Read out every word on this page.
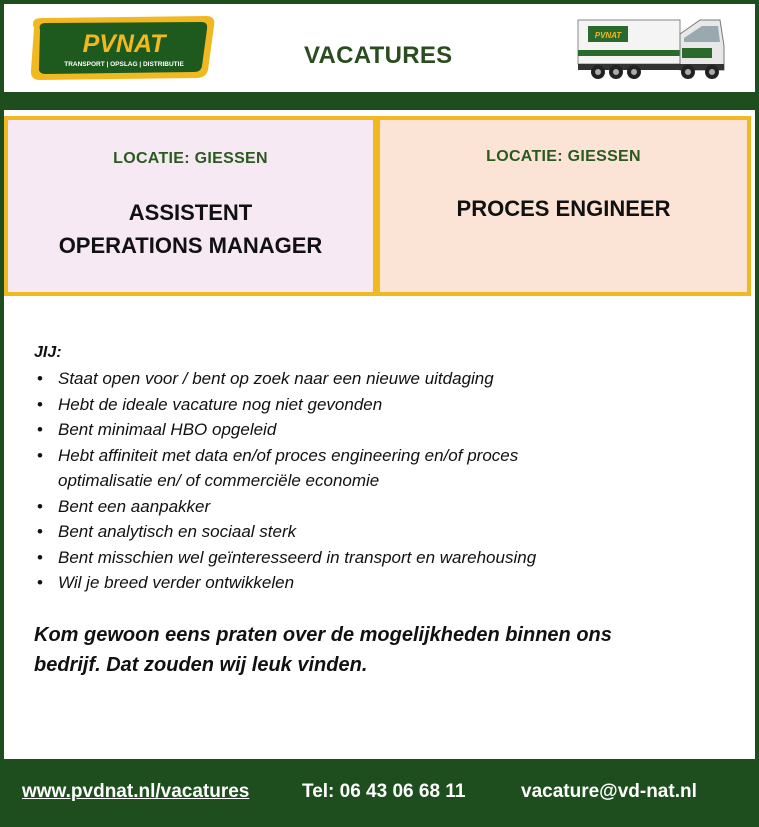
PVNAT
TRANSPORT | OPSLAG | DISTRIBUTIE	VACATURES
PVNAT
LOCATIE: GIESSEN
ASSISTENT
OPERATIONS MANAGER
LOCATIE: GIESSEN
PROCES ENGINEER
JIJ:
• Staat open voor / bent op zoek naar een nieuwe uitdaging
• Hebt de ideale vacature nog niet gevonden
• Bent minimaal HBO opgeleid
• Hebt affiniteit met data en/of proces engineering en/of proces
optimalisatie en/ of commerciële economie
• Bent een aanpakker
• Bent analytisch en sociaal sterk
• Bent misschien wel geïnteresseerd in transport en warehousing
• Wil je breed verder ontwikkelen
Kom gewoon eens praten over de mogelijkheden binnen ons
bedrijf. Dat zouden wij leuk vinden.
www.pvdnat.nl/vacatures	Tel: 06 43 06 68 11	vacature@vd-nat.nl
